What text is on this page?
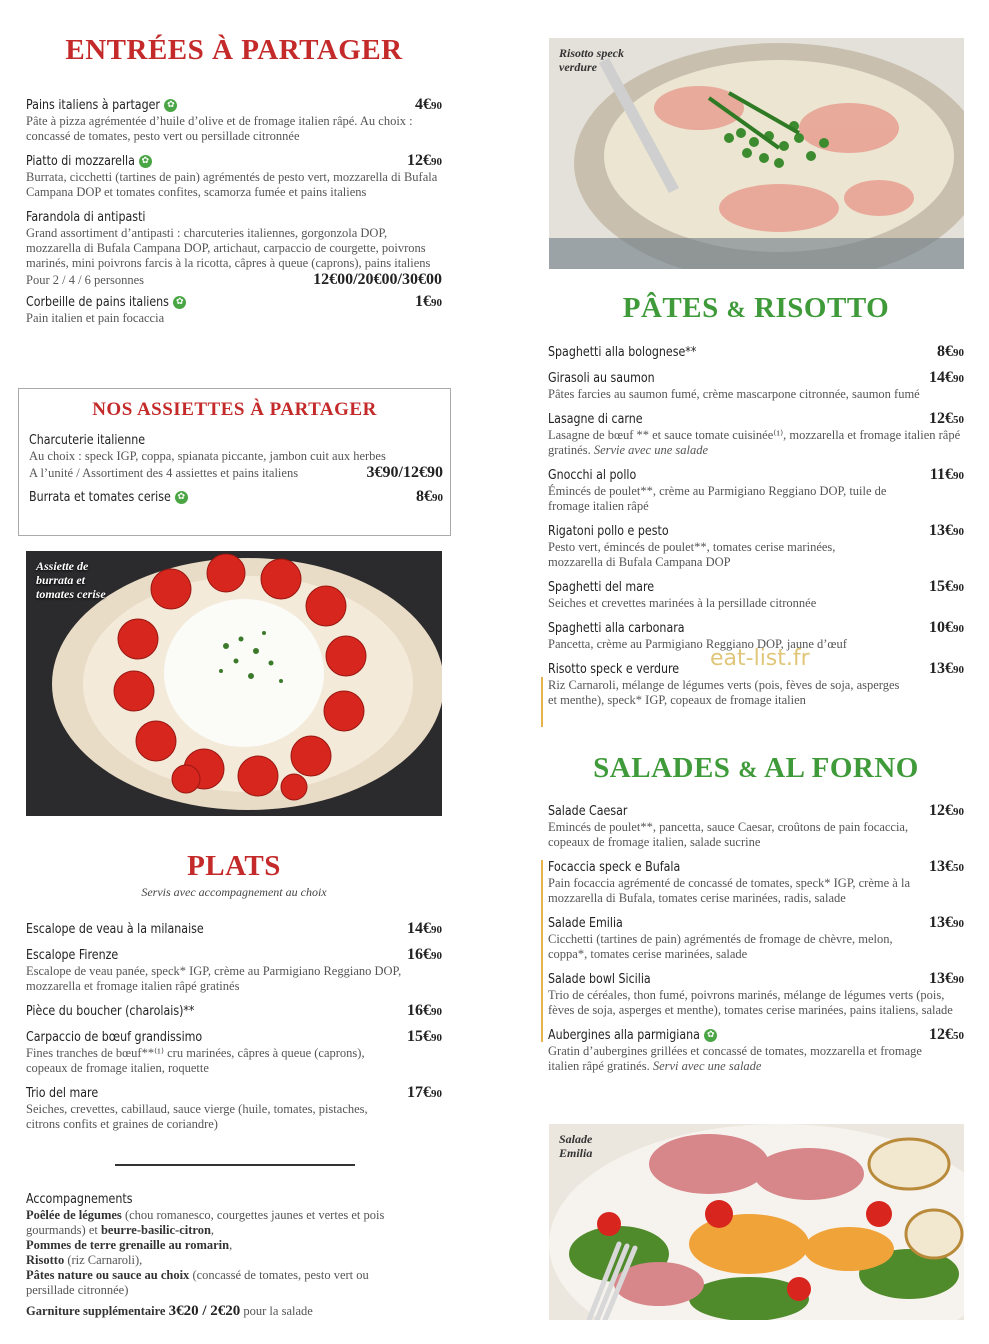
ENTRÉES À PARTAGER
Pains italiens à partager ✿	4€90
Pâte à pizza agrémentée d’huile d’olive et de fromage italien râpé. Au choix : concassé de tomates, pesto vert ou persillade citronnée
Piatto di mozzarella ✿	12€90
Burrata, cicchetti (tartines de pain) agrémentés de pesto vert, mozzarella di Bufala Campana DOP et tomates confites, scamorza fumée et pains italiens
Farandola di antipasti
Grand assortiment d’antipasti : charcuteries italiennes, gorgonzola DOP, mozzarella di Bufala Campana DOP, artichaut, carpaccio de courgette, poivrons marinés, mini poivrons farcis à la ricotta, câpres à queue (caprons), pains italiens
Pour 2 / 4 / 6 personnes	12€00/20€00/30€00
Corbeille de pains italiens ✿	1€90
Pain italien et pain focaccia
NOS ASSIETTES À PARTAGER
Charcuterie italienne
Au choix : speck IGP, coppa, spianata piccante, jambon cuit aux herbes
A l’unité / Assortiment des 4 assiettes et pains italiens	3€90/12€90
Burrata et tomates cerise ✿	8€90
Assiette de burrata et tomates cerise
PLATS
Servis avec accompagnement au choix
Escalope de veau à la milanaise	14€90
Escalope Firenze	16€90
Escalope de veau panée, speck* IGP, crème au Parmigiano Reggiano DOP, mozzarella et fromage italien râpé gratinés
Pièce du boucher (charolais)**	16€90
Carpaccio de bœuf grandissimo	15€90
Fines tranches de bœuf**⁽¹⁾ cru marinées, câpres à queue (caprons), copeaux de fromage italien, roquette
Trio del mare	17€90
Seiches, crevettes, cabillaud, sauce vierge (huile, tomates, pistaches, citrons confits et graines de coriandre)
Accompagnements
Poêlée de légumes (chou romanesco, courgettes jaunes et vertes et pois gourmands) et beurre-basilic-citron,
Pommes de terre grenaille au romarin,
Risotto (riz Carnaroli),
Pâtes nature ou sauce au choix (concassé de tomates, pesto vert ou persillade citronnée)
Garniture supplémentaire 3€20 / 2€20 pour la salade
Risotto speck verdure
PÂTES & RISOTTO
Spaghetti alla bolognese**	8€90
Girasoli au saumon	14€90
Pâtes farcies au saumon fumé, crème mascarpone citronnée, saumon fumé
Lasagne di carne	12€50
Lasagne de bœuf ** et sauce tomate cuisinée⁽¹⁾, mozzarella et fromage italien râpé gratinés. Servie avec une salade
Gnocchi al pollo	11€90
Émincés de poulet**, crème au Parmigiano Reggiano DOP, tuile de fromage italien râpé
Rigatoni pollo e pesto	13€90
Pesto vert, émincés de poulet**, tomates cerise marinées, mozzarella di Bufala Campana DOP
Spaghetti del mare	15€90
Seiches et crevettes marinées à la persillade citronnée
Spaghetti alla carbonara	10€90
Pancetta, crème au Parmigiano Reggiano DOP, jaune d’œuf
Risotto speck e verdure	13€90
Riz Carnaroli, mélange de légumes verts (pois, fèves de soja, asperges et menthe), speck* IGP, copeaux de fromage italien
eat-list.fr
SALADES & AL FORNO
Salade Caesar	12€90
Emincés de poulet**, pancetta, sauce Caesar, croûtons de pain focaccia, copeaux de fromage italien, salade sucrine
Focaccia speck e Bufala	13€50
Pain focaccia agrémenté de concassé de tomates, speck* IGP, crème à la mozzarella di Bufala, tomates cerise marinées, radis, salade
Salade Emilia	13€90
Cicchetti (tartines de pain) agrémentés de fromage de chèvre, melon, coppa*, tomates cerise marinées, salade
Salade bowl Sicilia	13€90
Trio de céréales, thon fumé, poivrons marinés, mélange de légumes verts (pois, fèves de soja, asperges et menthe), tomates cerise marinées, pains italiens, salade
Aubergines alla parmigiana ✿	12€50
Gratin d’aubergines grillées et concassé de tomates, mozzarella et fromage italien râpé gratinés. Servi avec une salade
Salade Emilia
